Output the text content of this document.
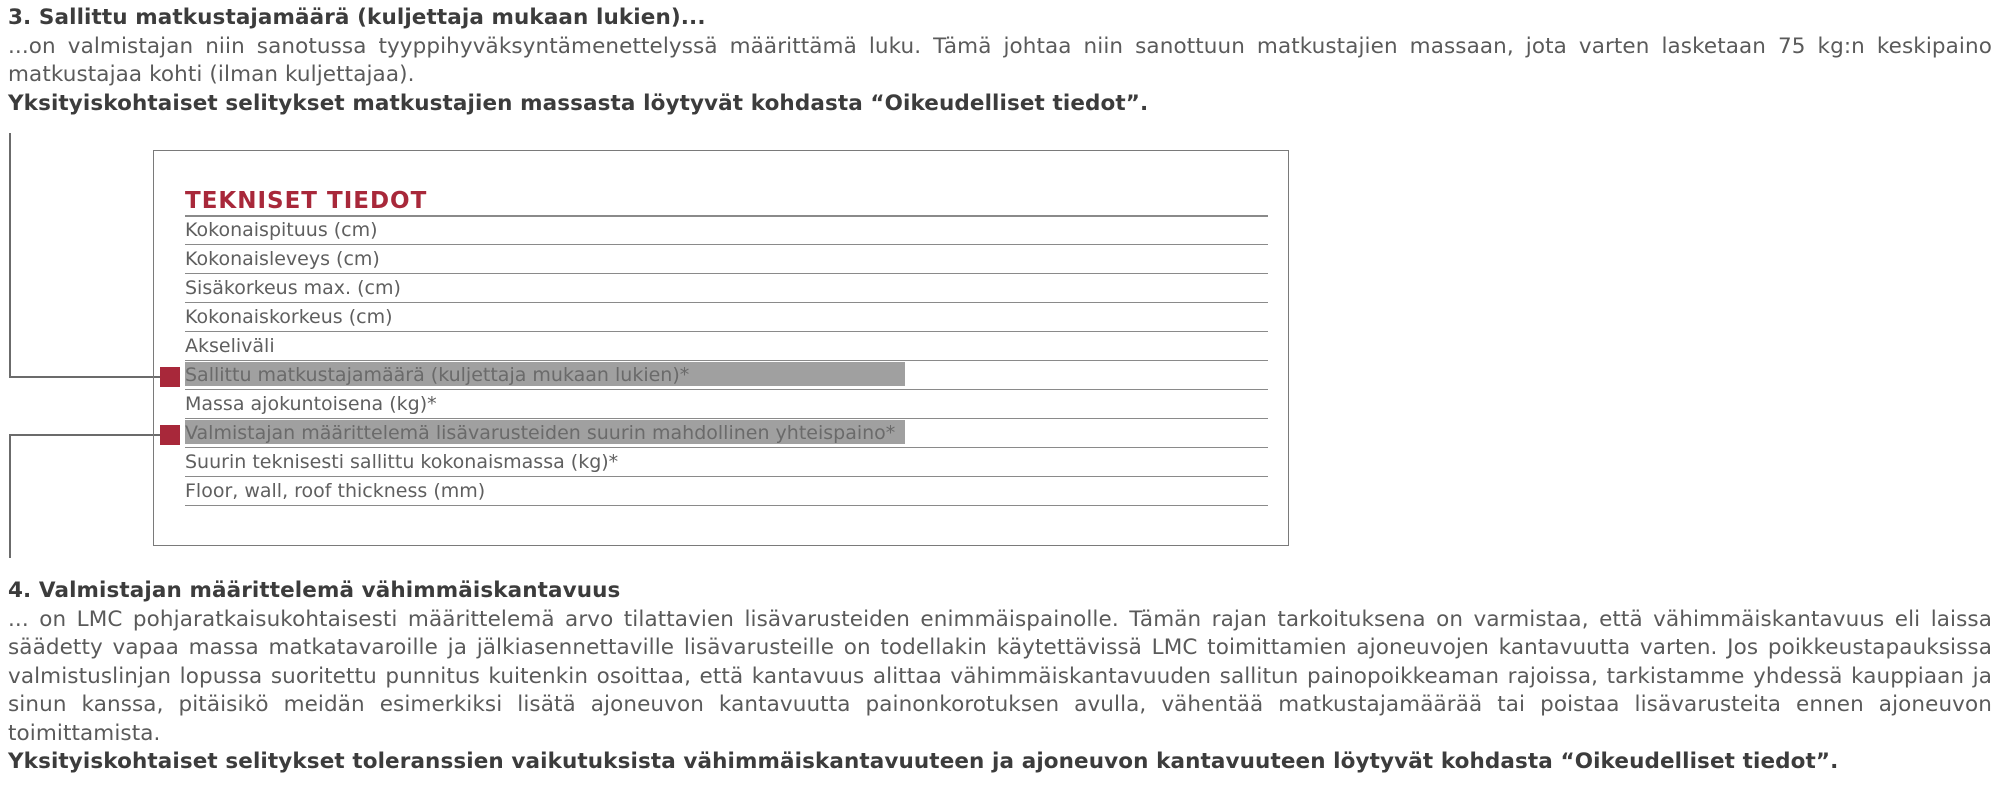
3. Sallittu matkustajamäärä (kuljettaja mukaan lukien)...
...on valmistajan niin sanotussa tyyppihyväksyntämenettelyssä määrittämä luku. Tämä johtaa niin sanottuun matkustajien massaan, jota varten lasketaan 75 kg:n keskipaino matkustajaa kohti (ilman kuljettajaa).
Yksityiskohtaiset selitykset matkustajien massasta löytyvät kohdasta “Oikeudelliset tiedot”.
TEKNISET TIEDOT
Kokonaispituus (cm)
Kokonaisleveys (cm)
Sisäkorkeus max. (cm)
Kokonaiskorkeus (cm)
Akseliväli
Sallittu matkustajamäärä (kuljettaja mukaan lukien)*
Massa ajokuntoisena (kg)*
Valmistajan määrittelemä lisävarusteiden suurin mahdollinen yhteispaino*
Suurin teknisesti sallittu kokonaismassa (kg)*
Floor, wall, roof thickness (mm)
4. Valmistajan määrittelemä vähimmäiskantavuus
... on LMC pohjaratkaisukohtaisesti määrittelemä arvo tilattavien lisävarusteiden enimmäispainolle. Tämän rajan tarkoituksena on varmistaa, että vähimmäiskantavuus eli laissa säädetty vapaa massa matkatavaroille ja jälkiasennettaville lisävarusteille on todellakin käytettävissä LMC toimittamien ajoneuvojen kantavuutta varten. Jos poikkeustapauksissa valmistuslinjan lopussa suoritettu punnitus kuitenkin osoittaa, että kantavuus alittaa vähimmäiskantavuuden sallitun painopoikkeaman rajoissa, tarkistamme yhdessä kauppiaan ja sinun kanssa, pitäisikö meidän esimerkiksi lisätä ajoneuvon kantavuutta painonkorotuksen avulla, vähentää matkustajamäärää tai poistaa lisävarusteita ennen ajoneuvon toimittamista.
Yksityiskohtaiset selitykset toleranssien vaikutuksista vähimmäiskantavuuteen ja ajoneuvon kantavuuteen löytyvät kohdasta “Oikeudelliset tiedot”.
